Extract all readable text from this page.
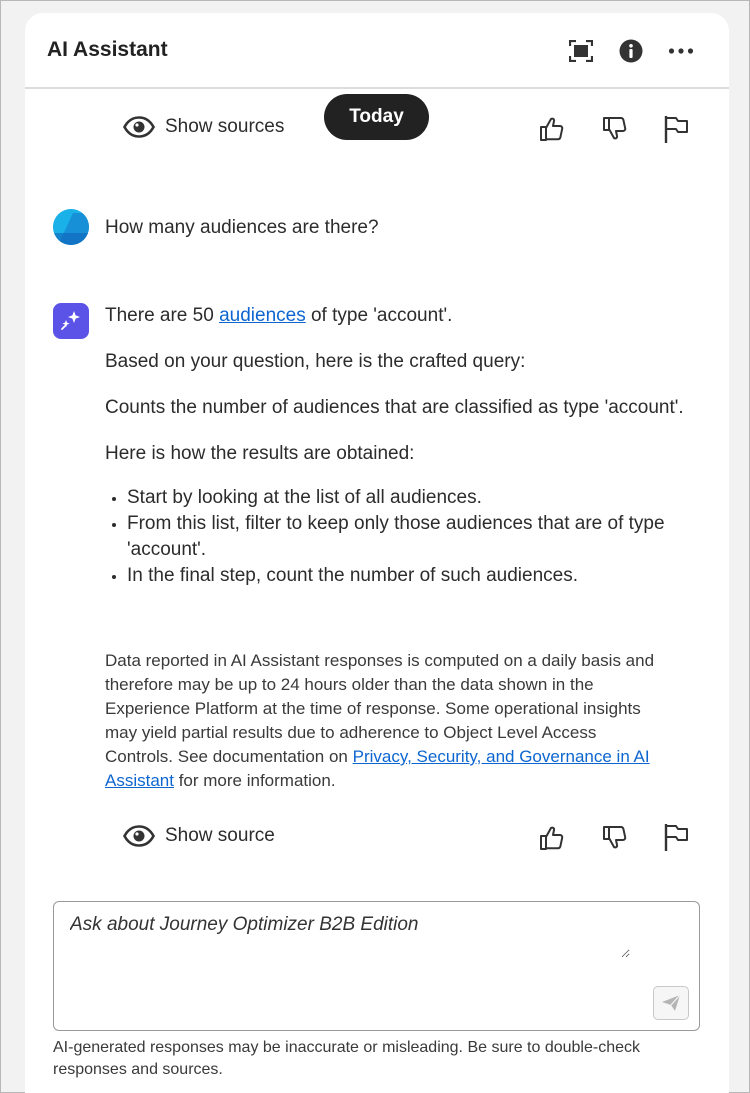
AI Assistant
Show sources	Today
How many audiences are there?

There are 50 audiences of type 'account'.

Based on your question, here is the crafted query:

Counts the number of audiences that are classified as type 'account'.

Here is how the results are obtained:

• Start by looking at the list of all audiences.
• From this list, filter to keep only those audiences that are of type 'account'.
• In the final step, count the number of such audiences.
Data reported in AI Assistant responses is computed on a daily basis and therefore may be up to 24 hours older than the data shown in the Experience Platform at the time of response. Some operational insights may yield partial results due to adherence to Object Level Access Controls. See documentation on Privacy, Security, and Governance in AI Assistant for more information.
Show source
Ask about Journey Optimizer B2B Edition
AI-generated responses may be inaccurate or misleading. Be sure to double-check responses and sources.
